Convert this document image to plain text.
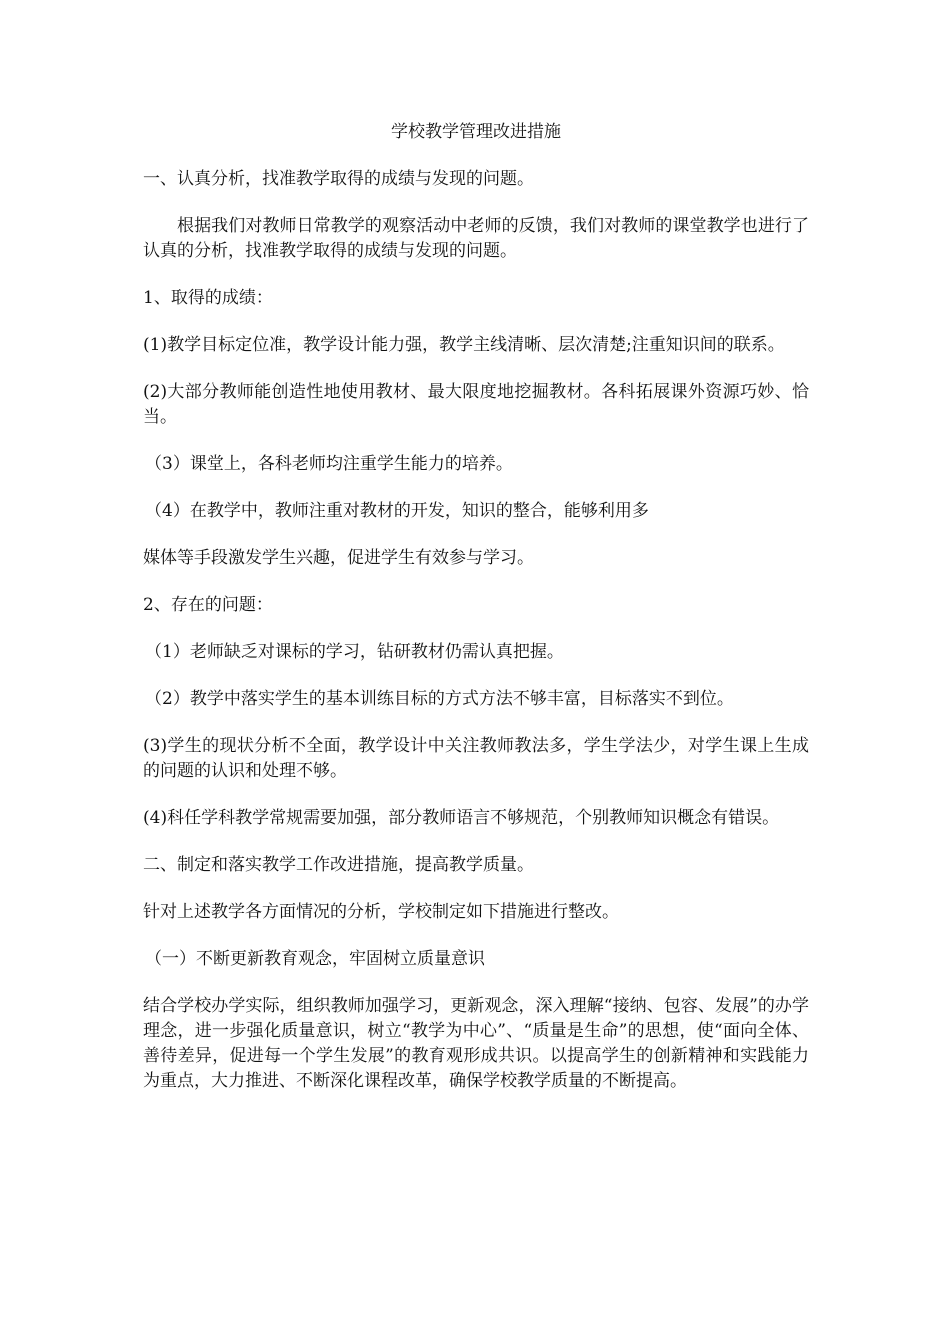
学校教学管理改进措施

一、认真分析，找准教学取得的成绩与发现的问题。

根据我们对教师日常教学的观察活动中老师的反馈，我们对教师的课堂教学也进行了认真的分析，找准教学取得的成绩与发现的问题。

1、取得的成绩：

(1)教学目标定位准，教学设计能力强，教学主线清晰、层次清楚;注重知识间的联系。

(2)大部分教师能创造性地使用教材、最大限度地挖掘教材。各科拓展课外资源巧妙、恰当。

（3）课堂上，各科老师均注重学生能力的培养。

（4）在教学中，教师注重对教材的开发，知识的整合，能够利用多

媒体等手段激发学生兴趣，促进学生有效参与学习。

2、存在的问题：

（1）老师缺乏对课标的学习，钻研教材仍需认真把握。

（2）教学中落实学生的基本训练目标的方式方法不够丰富，目标落实不到位。

(3)学生的现状分析不全面，教学设计中关注教师教法多，学生学法少，对学生课上生成的问题的认识和处理不够。

(4)科任学科教学常规需要加强，部分教师语言不够规范，个别教师知识概念有错误。

二、制定和落实教学工作改进措施，提高教学质量。

针对上述教学各方面情况的分析，学校制定如下措施进行整改。

（一）不断更新教育观念，牢固树立质量意识

结合学校办学实际，组织教师加强学习，更新观念，深入理解“接纳、包容、发展”的办学理念，进一步强化质量意识，树立“教学为中心”、“质量是生命”的思想，使“面向全体、善待差异，促进每一个学生发展”的教育观形成共识。以提高学生的创新精神和实践能力为重点，大力推进、不断深化课程改革，确保学校教学质量的不断提高。
